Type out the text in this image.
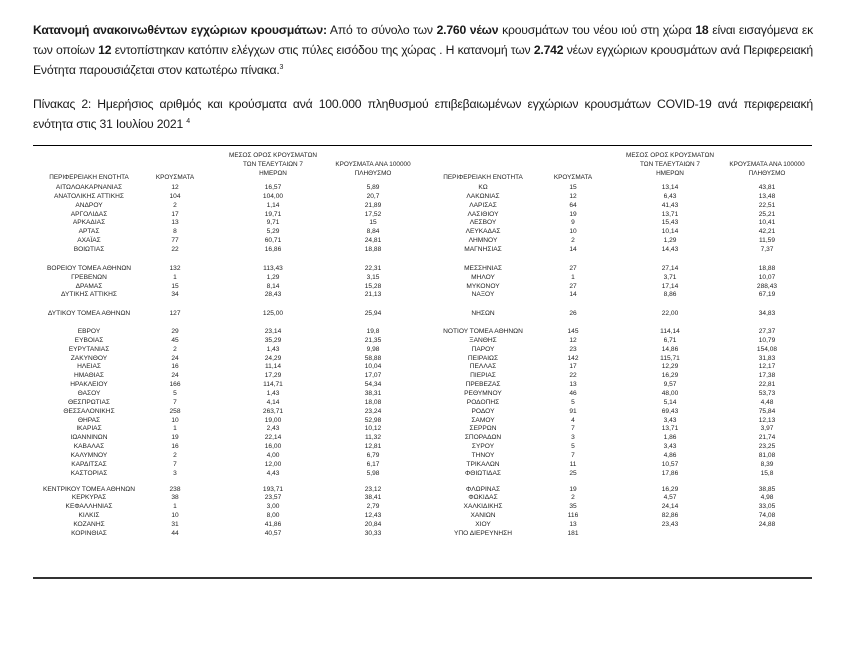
Κατανομή ανακοινωθέντων εγχώριων κρουσμάτων: Από το σύνολο των 2.760 νέων κρουσμάτων του νέου ιού στη χώρα 18 είναι εισαγόμενα εκ των οποίων 12 εντοπίστηκαν κατόπιν ελέγχων στις πύλες εισόδου της χώρας . Η κατανομή των 2.742 νέων εγχώριων κρουσμάτων ανά Περιφερειακή Ενότητα παρουσιάζεται στον κατωτέρω πίνακα.$^3$
Πίνακας 2: Ημερήσιος αριθμός και κρούσματα ανά 100.000 πληθυσμού επιβεβαιωμένων εγχώριων κρουσμάτων COVID-19 ανά περιφερειακή ενότητα στις 31 Ιουλίου 2021 $^4$
ΠΕΡΙΦΕΡΕΙΑΚΗ ΕΝΟΤΗΤΑ	ΚΡΟΥΣΜΑΤΑ
ΜΕΣΟΣ ΟΡΟΣ ΚΡΟΥΣΜΑΤΩΝ
ΤΩΝ ΤΕΛΕΥΤΑΙΩΝ 7
ΗΜΕΡΩΝ
ΚΡΟΥΣΜΑΤΑ ΑΝΑ 100000
ΠΛΗΘΥΣΜΟ
ΠΕΡΙΦΕΡΕΙΑΚΗ ΕΝΟΤΗΤΑ	ΚΡΟΥΣΜΑΤΑ
ΜΕΣΟΣ ΟΡΟΣ ΚΡΟΥΣΜΑΤΩΝ
ΤΩΝ ΤΕΛΕΥΤΑΙΩΝ 7
ΗΜΕΡΩΝ
ΚΡΟΥΣΜΑΤΑ ΑΝΑ 100000
ΠΛΗΘΥΣΜΟ
ΑΙΤΩΛΟΑΚΑΡΝΑΝΙΑΣ	12	16,57	5,89
ΑΝΑΤΟΛΙΚΗΣ ΑΤΤΙΚΗΣ	104	104,00	20,7
ΑΝΔΡΟΥ	2	1,14	21,89
ΑΡΓΟΛΙΔΑΣ	17	19,71	17,52
ΑΡΚΑΔΙΑΣ	13	9,71	15
ΑΡΤΑΣ	8	5,29	8,84
ΑΧΑΪΑΣ	77	60,71	24,81
ΒΟΙΩΤΙΑΣ	22	16,86	18,88
ΒΟΡΕΙΟΥ ΤΟΜΕΑ ΑΘΗΝΩΝ	132	113,43	22,31
ΓΡΕΒΕΝΩΝ	1	1,29	3,15
ΔΡΑΜΑΣ	15	8,14	15,28
ΔΥΤΙΚΗΣ ΑΤΤΙΚΗΣ	34	28,43	21,13
ΔΥΤΙΚΟΥ ΤΟΜΕΑ ΑΘΗΝΩΝ	127	125,00	25,94
ΕΒΡΟΥ	29	23,14	19,8
ΕΥΒΟΙΑΣ	45	35,29	21,35
ΕΥΡΥΤΑΝΙΑΣ	2	1,43	9,98
ΖΑΚΥΝΘΟΥ	24	24,29	58,88
ΗΛΕΙΑΣ	16	11,14	10,04
ΗΜΑΘΙΑΣ	24	17,29	17,07
ΗΡΑΚΛΕΙΟΥ	166	114,71	54,34
ΘΑΣΟΥ	5	1,43	38,31
ΘΕΣΠΡΩΤΙΑΣ	7	4,14	18,08
ΘΕΣΣΑΛΟΝΙΚΗΣ	258	263,71	23,24
ΘΗΡΑΣ	10	19,00	52,98
ΙΚΑΡΙΑΣ	1	2,43	10,12
ΙΩΑΝΝΙΝΩΝ	19	22,14	11,32
ΚΑΒΑΛΑΣ	16	16,00	12,81
ΚΑΛΥΜΝΟΥ	2	4,00	6,79
ΚΑΡΔΙΤΣΑΣ	7	12,00	6,17
ΚΑΣΤΟΡΙΑΣ	3	4,43	5,98
ΚΕΝΤΡΙΚΟΥ ΤΟΜΕΑ ΑΘΗΝΩΝ	238	193,71	23,12
ΚΕΡΚΥΡΑΣ	38	23,57	38,41
ΚΕΦΑΛΛΗΝΙΑΣ	1	3,00	2,79
ΚΙΛΚΙΣ	10	8,00	12,43
ΚΟΖΑΝΗΣ	31	41,86	20,84
ΚΟΡΙΝΘΙΑΣ	44	40,57	30,33
ΚΩ	15	13,14	43,81
ΛΑΚΩΝΙΑΣ	12	6,43	13,48
ΛΑΡΙΣΑΣ	64	41,43	22,51
ΛΑΣΙΘΙΟΥ	19	13,71	25,21
ΛΕΣΒΟΥ	9	15,43	10,41
ΛΕΥΚΑΔΑΣ	10	10,14	42,21
ΛΗΜΝΟΥ	2	1,29	11,59
ΜΑΓΝΗΣΙΑΣ	14	14,43	7,37
ΜΕΣΣΗΝΙΑΣ	27	27,14	18,88
ΜΗΛΟΥ	1	3,71	10,07
ΜΥΚΟΝΟΥ	27	17,14	288,43
ΝΑΞΟΥ	14	8,86	67,19
ΝΗΣΩΝ	26	22,00	34,83
ΝΟΤΙΟΥ ΤΟΜΕΑ ΑΘΗΝΩΝ	145	114,14	27,37
ΞΑΝΘΗΣ	12	6,71	10,79
ΠΑΡΟΥ	23	14,86	154,08
ΠΕΙΡΑΙΩΣ	142	115,71	31,83
ΠΕΛΛΑΣ	17	12,29	12,17
ΠΙΕΡΙΑΣ	22	16,29	17,38
ΠΡΕΒΕΖΑΣ	13	9,57	22,81
ΡΕΘΥΜΝΟΥ	46	48,00	53,73
ΡΟΔΟΠΗΣ	5	5,14	4,48
ΡΟΔΟΥ	91	69,43	75,84
ΣΑΜΟΥ	4	3,43	12,13
ΣΕΡΡΩΝ	7	13,71	3,97
ΣΠΟΡΑΔΩΝ	3	1,86	21,74
ΣΥΡΟΥ	5	3,43	23,25
ΤΗΝΟΥ	7	4,86	81,08
ΤΡΙΚΑΛΩΝ	11	10,57	8,39
ΦΘΙΩΤΙΔΑΣ	25	17,86	15,8
ΦΛΩΡΙΝΑΣ	19	16,29	38,85
ΦΩΚΙΔΑΣ	2	4,57	4,98
ΧΑΛΚΙΔΙΚΗΣ	35	24,14	33,05
ΧΑΝΙΩΝ	116	82,86	74,08
ΧΙΟΥ	13	23,43	24,88
ΥΠΟ ΔΙΕΡΕΥΝΗΣΗ	181
